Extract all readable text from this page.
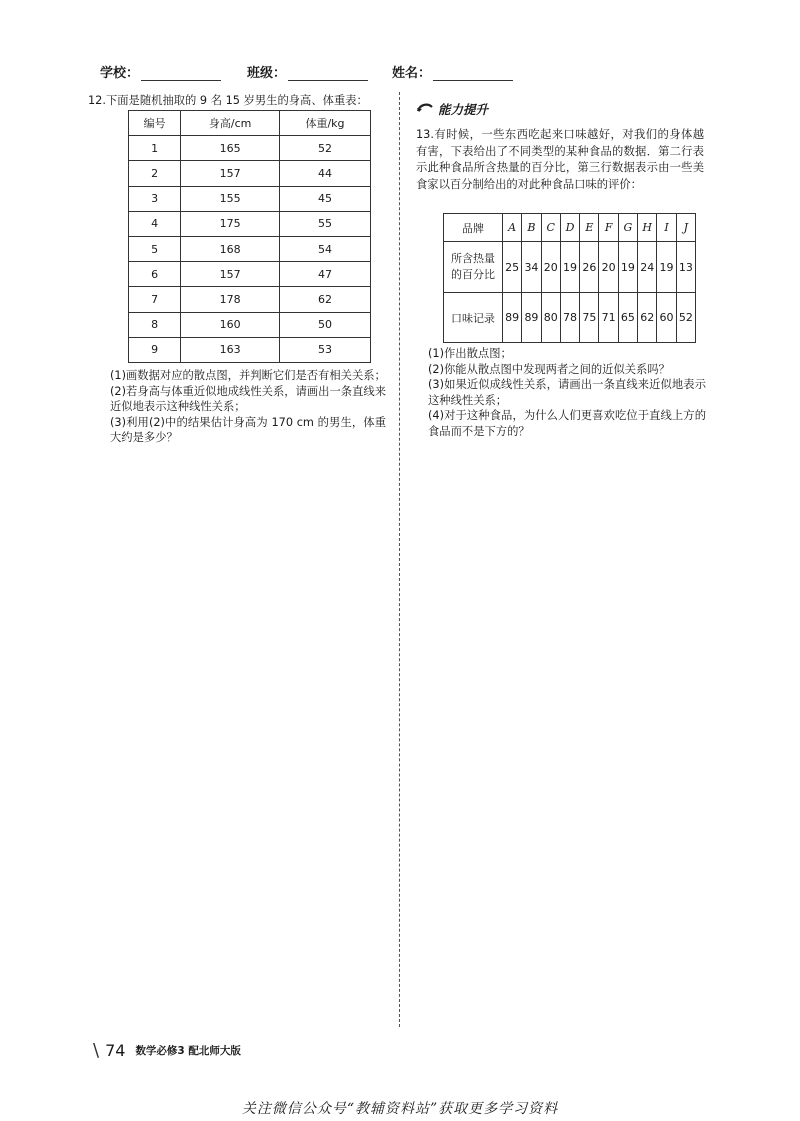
学校：	班级：	姓名：

12.下面是随机抽取的 9 名 15 岁男生的身高、体重表：

编号	身高/cm	体重/kg
1	165	52
2	157	44
3	155	45
4	175	55
5	168	54
6	157	47
7	178	62
8	160	50
9	163	53

(1)画数据对应的散点图，并判断它们是否有相关关系；

(2)若身高与体重近似地成线性关系，请画出一条直线来近似地表示这种线性关系；

(3)利用(2)中的结果估计身高为 170 cm 的男生，体重大约是多少？

能力提升

13.有时候，一些东西吃起来口味越好，对我们的身体越有害，下表给出了不同类型的某种食品的数据．第二行表示此种食品所含热量的百分比，第三行数据表示由一些美食家以百分制给出的对此种食品口味的评价：

品牌	A	B	C	D	E	F	G	H	I	J
所含热量的百分比	25	34	20	19	26	20	19	24	19	13
口味记录	89	89	80	78	75	71	65	62	60	52

(1)作出散点图；

(2)你能从散点图中发现两者之间的近似关系吗？

(3)如果近似成线性关系，请画出一条直线来近似地表示这种线性关系；

(4)对于这种食品，为什么人们更喜欢吃位于直线上方的食品而不是下方的？

\ 74 数学必修3 配北师大版
关注微信公众号“教辅资料站”获取更多学习资料
